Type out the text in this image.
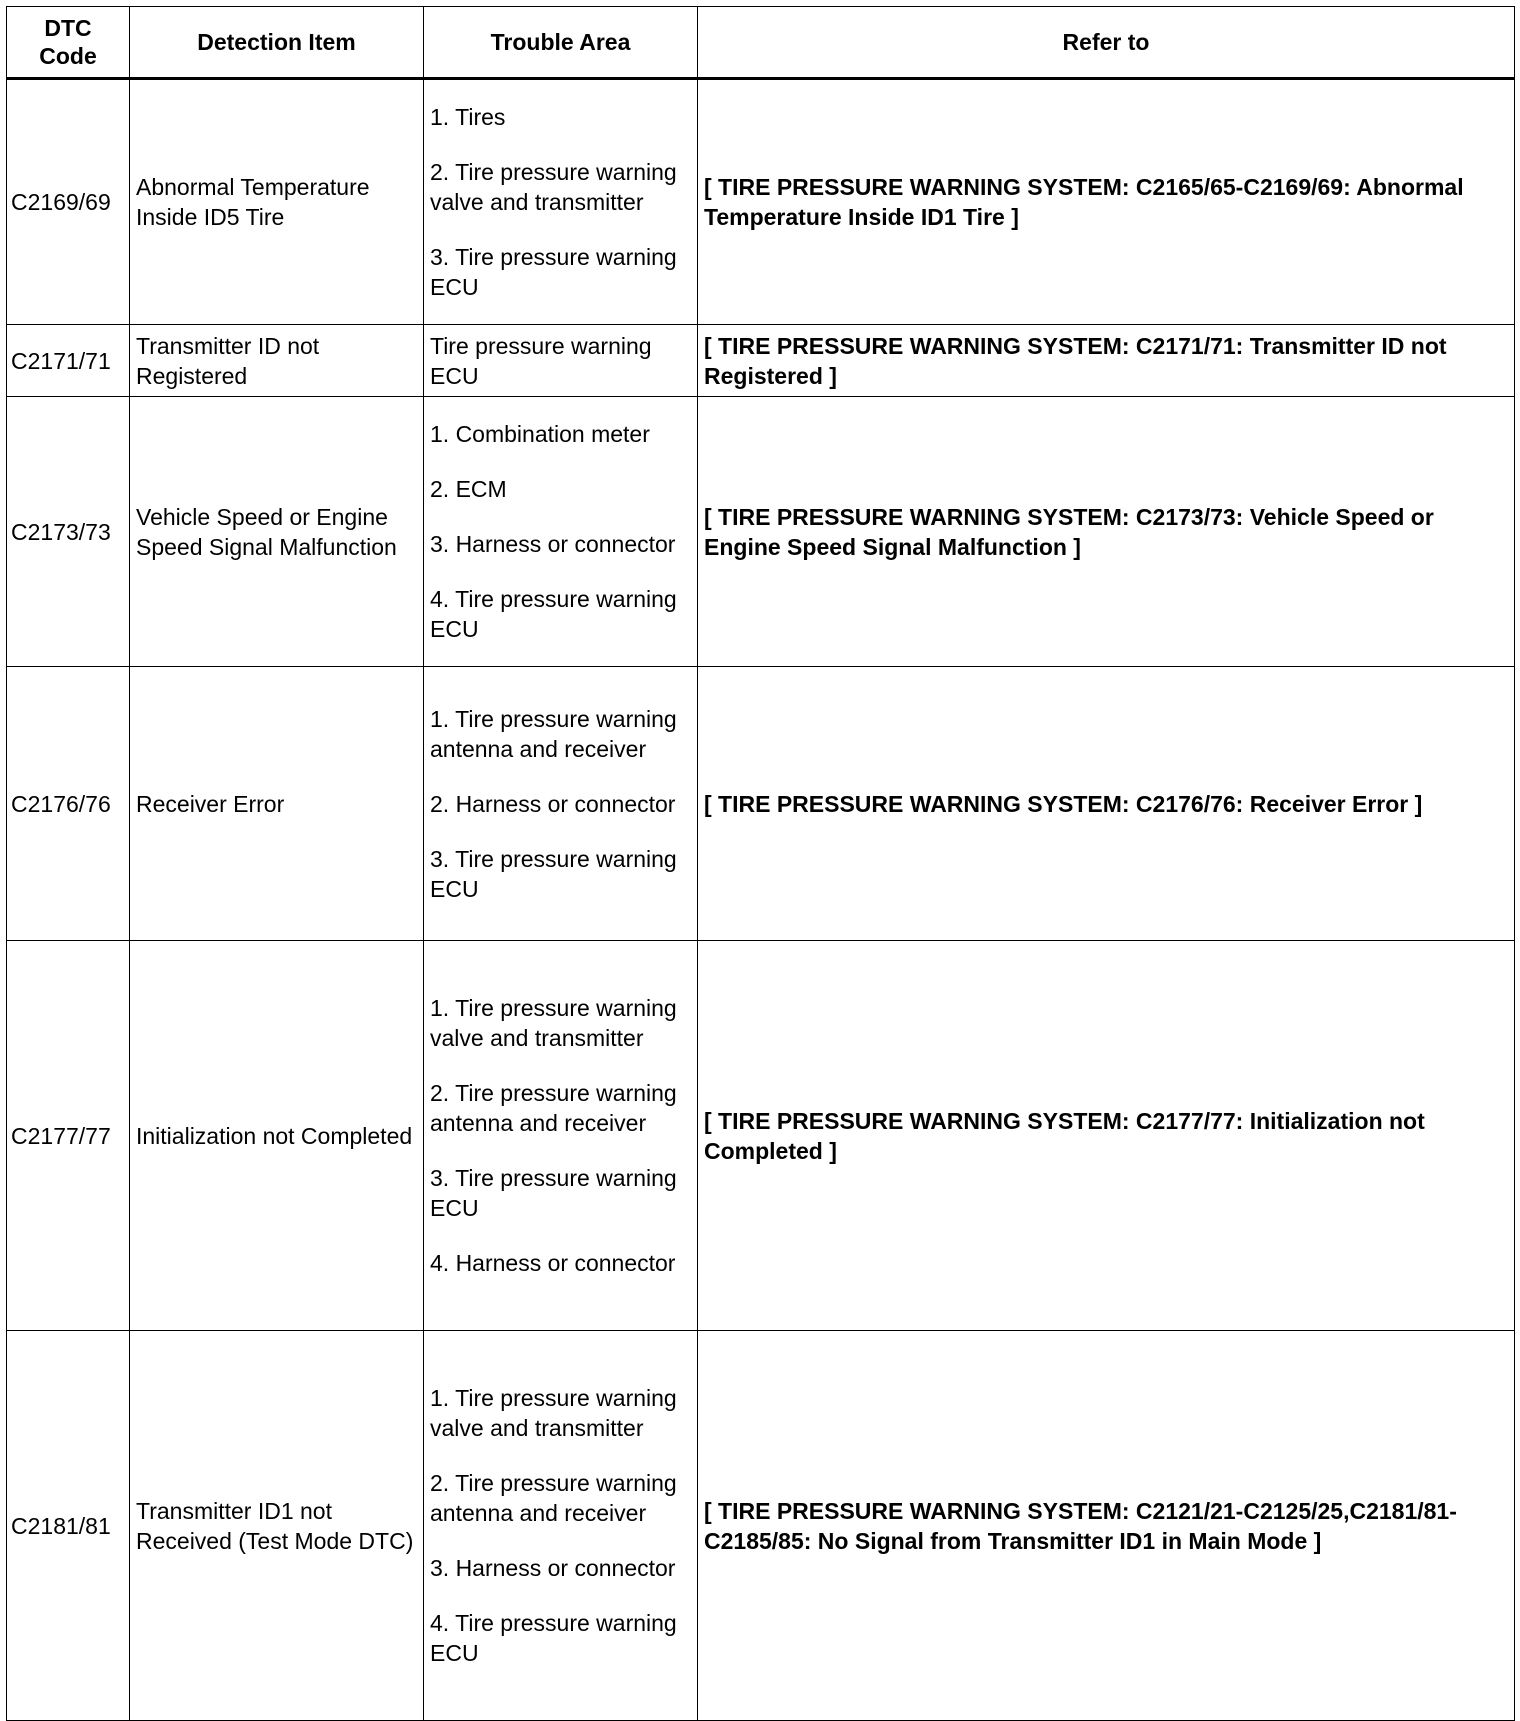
DTC Code	Detection Item	Trouble Area	Refer to
C2169/69	Abnormal Temperature Inside ID5 Tire	1. Tires

2. Tire pressure warning valve and transmitter

3. Tire pressure warning ECU	[ TIRE PRESSURE WARNING SYSTEM: C2165/65-C2169/69: Abnormal Temperature Inside ID1 Tire ]
C2171/71	Transmitter ID not Registered	Tire pressure warning ECU	[ TIRE PRESSURE WARNING SYSTEM: C2171/71: Transmitter ID not Registered ]
C2173/73	Vehicle Speed or Engine Speed Signal Malfunction	1. Combination meter

2. ECM

3. Harness or connector

4. Tire pressure warning ECU	[ TIRE PRESSURE WARNING SYSTEM: C2173/73: Vehicle Speed or Engine Speed Signal Malfunction ]
C2176/76	Receiver Error	1. Tire pressure warning antenna and receiver

2. Harness or connector

3. Tire pressure warning ECU	[ TIRE PRESSURE WARNING SYSTEM: C2176/76: Receiver Error ]
C2177/77	Initialization not Completed	1. Tire pressure warning valve and transmitter

2. Tire pressure warning antenna and receiver

3. Tire pressure warning ECU

4. Harness or connector	[ TIRE PRESSURE WARNING SYSTEM: C2177/77: Initialization not Completed ]
C2181/81	Transmitter ID1 not Received (Test Mode DTC)	1. Tire pressure warning valve and transmitter

2. Tire pressure warning antenna and receiver

3. Harness or connector

4. Tire pressure warning ECU	[ TIRE PRESSURE WARNING SYSTEM: C2121/21-C2125/25,C2181/81-C2185/85: No Signal from Transmitter ID1 in Main Mode ]
